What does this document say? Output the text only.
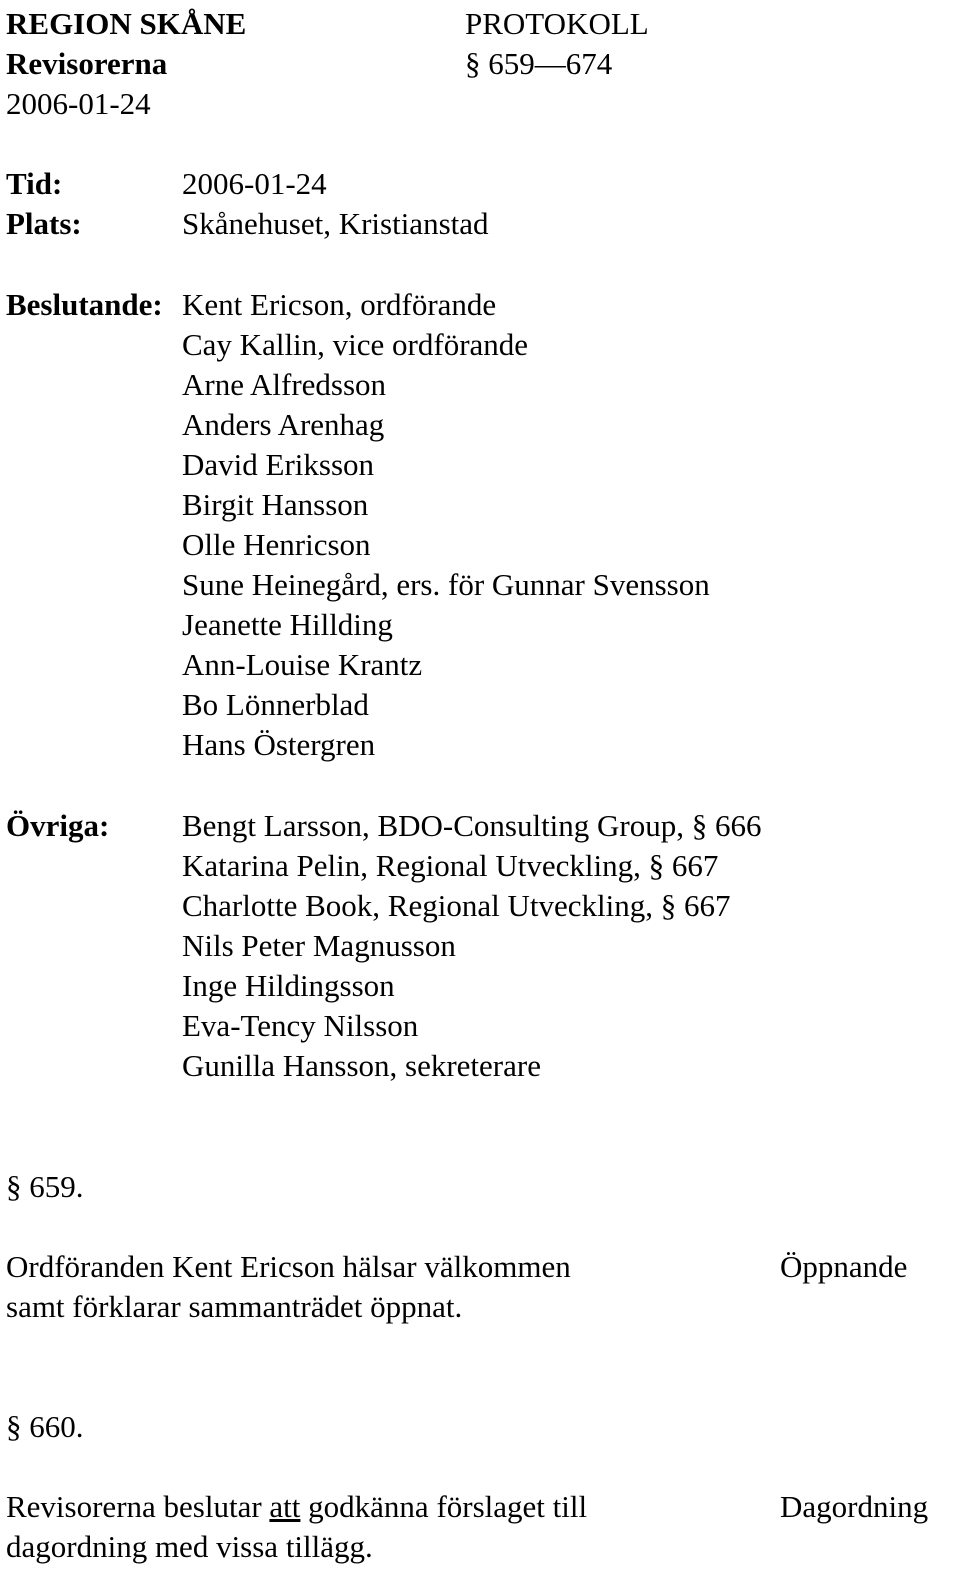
REGION SKÅNE	PROTOKOLL
Revisorerna	§ 659—674
2006-01-24
Tid:	2006-01-24
Plats:	Skånehuset, Kristianstad
Beslutande: Kent Ericson, ordförande
Cay Kallin, vice ordförande
Arne Alfredsson
Anders Arenhag
David Eriksson
Birgit Hansson
Olle Henricson
Sune Heinegård, ers. för Gunnar Svensson
Jeanette Hillding
Ann-Louise Krantz
Bo Lönnerblad
Hans Östergren
Övriga: Bengt Larsson, BDO-Consulting Group, § 666
Katarina Pelin, Regional Utveckling, § 667
Charlotte Book, Regional Utveckling, § 667
Nils Peter Magnusson
Inge Hildingsson
Eva-Tency Nilsson
Gunilla Hansson, sekreterare
§ 659.
Ordföranden Kent Ericson hälsar välkommen
samt förklarar sammanträdet öppnat.
Öppnande
§ 660.
Revisorerna beslutar att godkänna förslaget till
dagordning med vissa tillägg.
Dagordning
